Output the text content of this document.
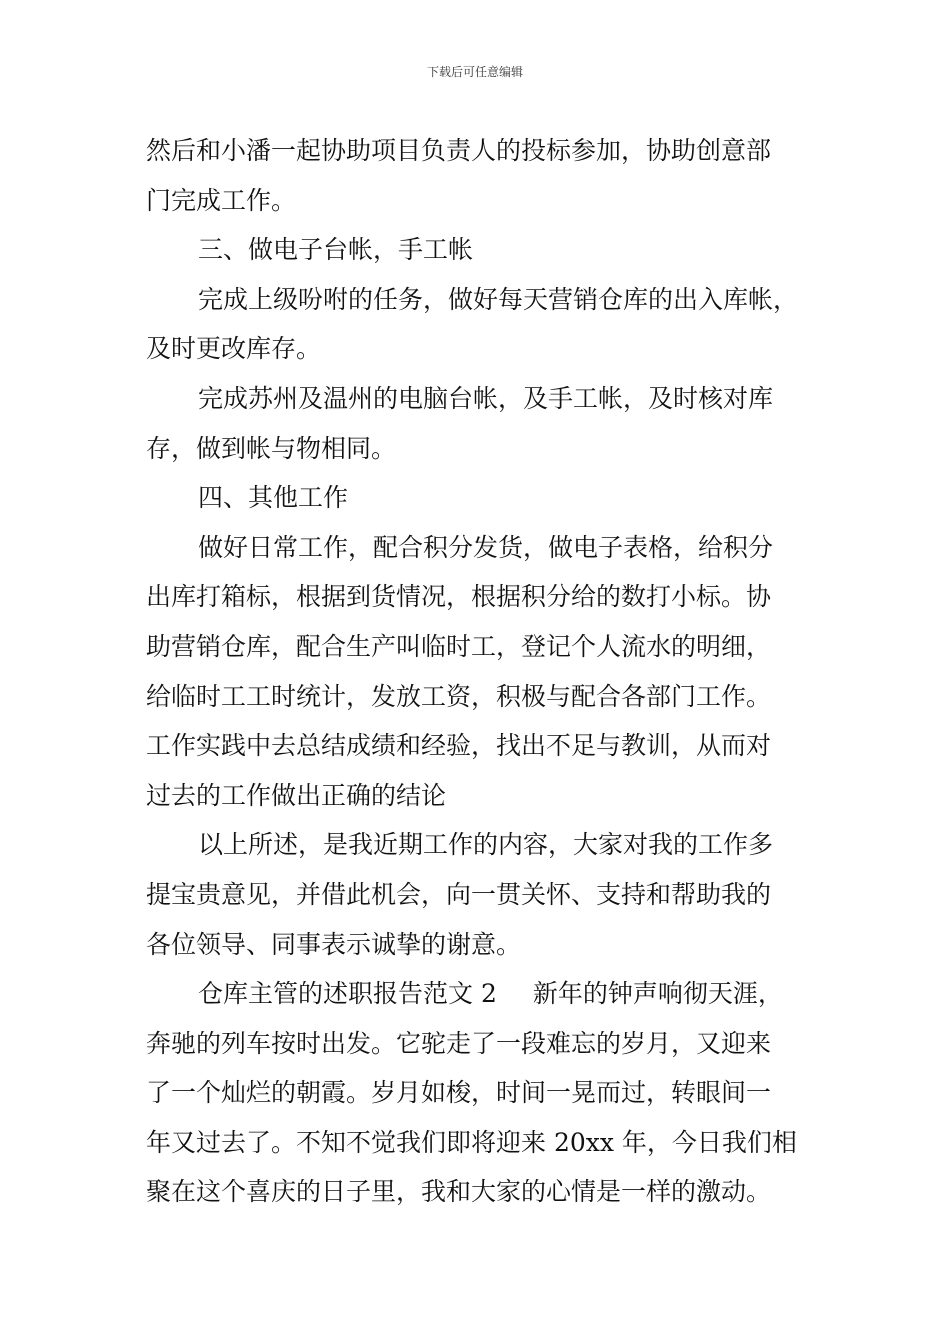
下载后可任意编辑
然后和小潘一起协助项目负责人的投标参加，协助创意部
门完成工作。
三、做电子台帐，手工帐
完成上级吩咐的任务，做好每天营销仓库的出入库帐，
及时更改库存。
完成苏州及温州的电脑台帐，及手工帐，及时核对库
存，做到帐与物相同。
四、其他工作
做好日常工作，配合积分发货，做电子表格，给积分
出库打箱标，根据到货情况，根据积分给的数打小标。协
助营销仓库，配合生产叫临时工，登记个人流水的明细，
给临时工工时统计，发放工资，积极与配合各部门工作。
工作实践中去总结成绩和经验，找出不足与教训，从而对
过去的工作做出正确的结论
以上所述，是我近期工作的内容，大家对我的工作多
提宝贵意见，并借此机会，向一贯关怀、支持和帮助我的
各位领导、同事表示诚挚的谢意。
仓库主管的述职报告范文 2 新年的钟声响彻天涯，
奔驰的列车按时出发。它驼走了一段难忘的岁月，又迎来
了一个灿烂的朝霞。岁月如梭，时间一晃而过，转眼间一
年又过去了。不知不觉我们即将迎来 20xx 年，今日我们相
聚在这个喜庆的日子里，我和大家的心情是一样的激动。
